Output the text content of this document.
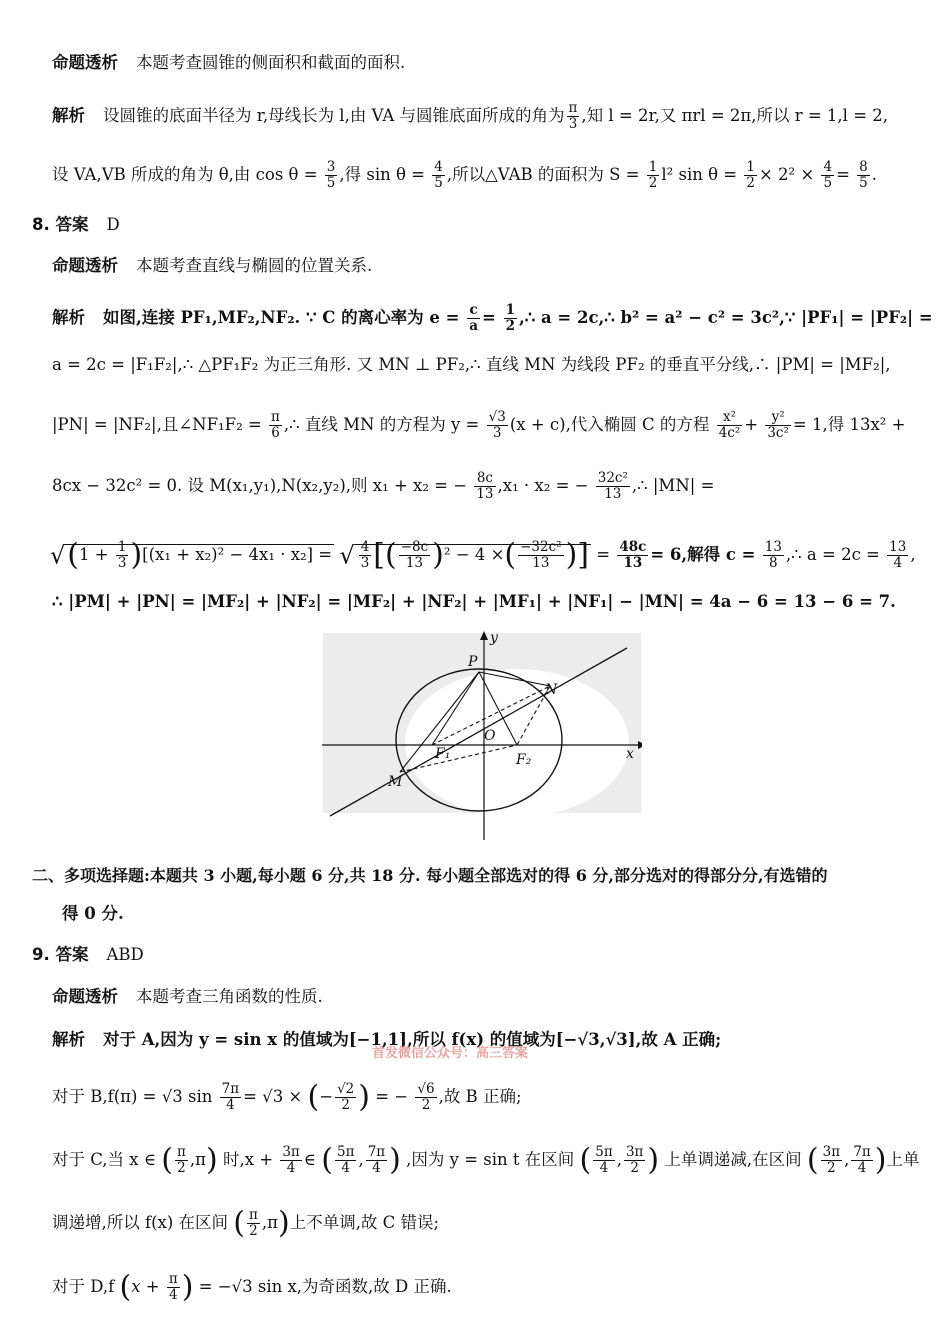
命题透析 本题考查圆锥的侧面积和截面的面积.
解析 设圆锥的底面半径为 r,母线长为 l,由 VA 与圆锥底面所成的角为 $\frac{\pi}{3}$ ,知 l = 2r,又 πrl = 2π,所以 r = 1,l = 2,
设 VA,VB 所成的角为 θ,由 $\cos \theta = \frac{3}{5}$ ,得 $\sin \theta = \frac{4}{5}$ ,所以△VAB 的面积为 $S = \frac{1}{2} l^2$ $\sin \theta = \frac{1}{2} \times 2^2 \times \frac{4}{5} = \frac{8}{5}$ .
8. 答案 D
命题透析 本题考查直线与椭圆的位置关系.
解析 如图,连接 PF₁,MF₂,NF₂. ∵ C 的离心率为 $e = \frac{c}{a} = \frac{1}{2}$ ,∴ a = 2c,∴ b² = a² − c² = 3c²,∵ |PF₁| = |PF₂| =
a = 2c = |F₁F₂|,∴ △PF₁F₂ 为正三角形. 又 MN ⊥ PF₂,∴ 直线 MN 为线段 PF₂ 的垂直平分线,∴ |PM| = |MF₂|,
|PN| = |NF₂|,且∠NF₁F₂ = $\frac{\pi}{6}$ ,∴ 直线 MN 的方程为 $y = \frac{√3}{3} (x + c)$,代入椭圆 C 的方程 $\frac{\text{x²}}{\text{4c²}} + \frac{\text{y²}}{\text{3c²}} = 1$,得 13x² +
8cx − 32c² = 0. 设 M(x₁,y₁),N(x₂,y₂),则 x₁ + x₂ = − $\frac{8c}{13} ,x_1 \cdot x_2$ = − $\frac{\text{32c²}}{13}$ ,∴ |MN| =
$√(1 + \frac{1}{3} )[(x_1 + x_2)^2 - 4x_1 \cdot x_2]$ = √ $\frac{4}{3}$ [( $\frac{-8c}{13} )^2 - 4$ ×( $\frac{\text{−32c²}}{13}$ )] = $\frac{48c}{13} = 6$,解得 $c = \frac{13}{8}$ ,∴ $a = 2c = \frac{13}{4}$ ,
∴ |PM| + |PN| = |MF₂| + |NF₂| = |MF₂| + |NF₂| + |MF₁| + |NF₁| − |MN| = 4a − 6 = 13 − 6 = 7.
y
x
P
N
O
F₁	F₂
M
二、多项选择题:本题共 3 小题,每小题 6 分,共 18 分. 每小题全部选对的得 6 分,部分选对的得部分分,有选错的
得 0 分.
9. 答案 ABD
命题透析 本题考查三角函数的性质.
解析 对于 A,因为 y = sin x 的值域为[−1,1],所以 f(x) 的值域为[−√3,√3],故 A 正确;
首发微信公众号：高三答案
对于 B,f(π) = √3 $\sin \frac{7\pi}{4} = √3$ × (− $\frac{√2}{2}$ ) = − $\frac{√6}{2}$ ,故 B 正确;
对于 C,当 x ∈ ( $\frac{\pi}{2} ,\pi$) 时$,x + \frac{3\pi}{4}$ ∈ ( $\frac{5\pi}{4}$ , $\frac{7\pi}{4}$ ) ,因为 y = sin t 在区间 ( $\frac{5\pi}{4}$ , $\frac{3\pi}{2}$ ) 上单调递减,在区间 ( $\frac{3\pi}{2}$ , $\frac{7\pi}{4}$ )上单
调递增,所以 f(x) 在区间 ( $\frac{\pi}{2} ,\pi$)上不单调,故 C 错误;
对于 D,f ($x + \frac{\pi}{4}$ ) = −√3 sin x,为奇函数,故 D 正确.
